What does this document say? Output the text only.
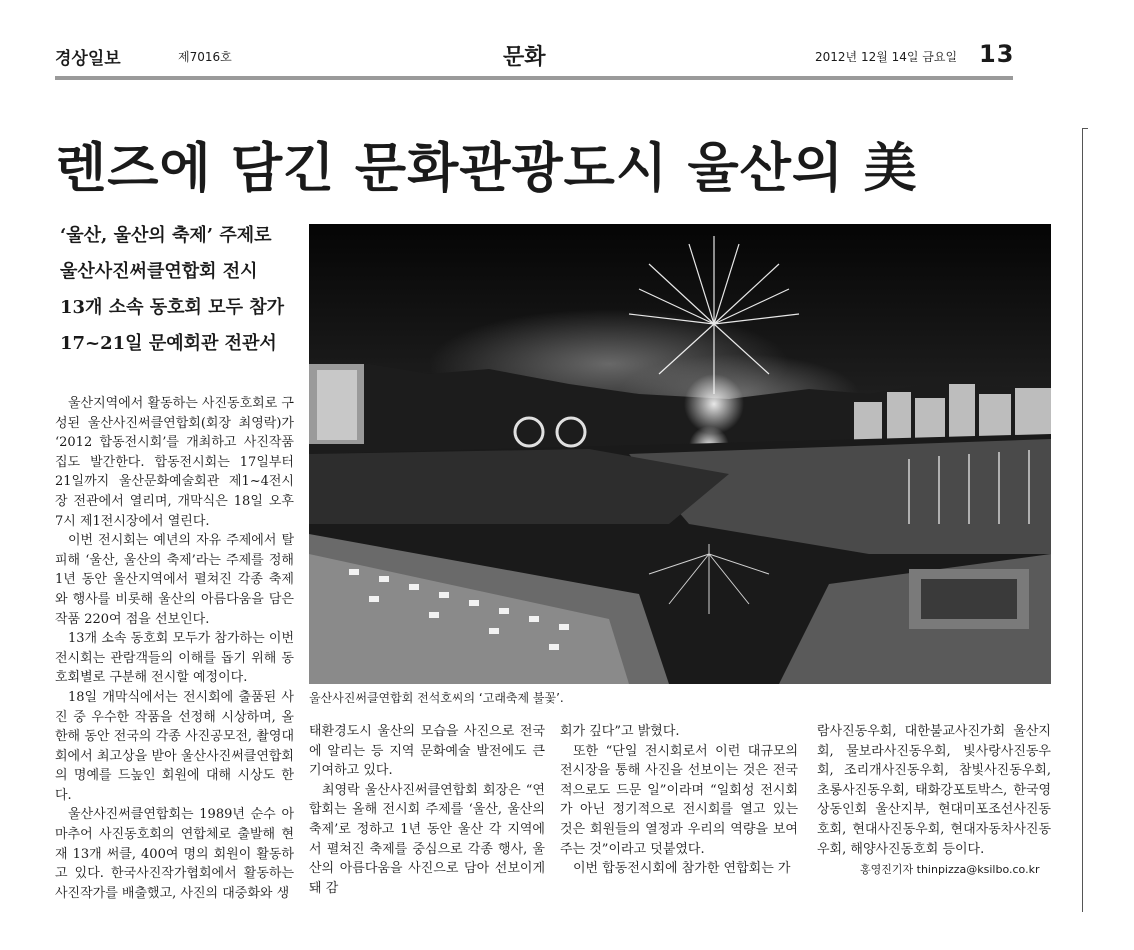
경상일보	제7016호	문화	2012년 12월 14일 금요일 13
렌즈에 담긴 문화관광도시 울산의 美
‘울산, 울산의 축제’ 주제로
울산사진써클연합회 전시
13개 소속 동호회 모두 참가
17~21일 문예회관 전관서
울산사진써클연합회 전석호씨의 ‘고래축제 불꽃’.

울산지역에서 활동하는 사진동호회로 구성된 울산사진써클연합회(회장 최영락)가 ‘2012 합동전시회’를 개최하고 사진작품집도 발간한다. 합동전시회는 17일부터 21일까지 울산문화예술회관 제1~4전시장 전관에서 열리며, 개막식은 18일 오후 7시 제1전시장에서 열린다.

이번 전시회는 예년의 자유 주제에서 탈피해 ‘울산, 울산의 축제’라는 주제를 정해 1년 동안 울산지역에서 펼쳐진 각종 축제와 행사를 비롯해 울산의 아름다움을 담은 작품 220여 점을 선보인다.

13개 소속 동호회 모두가 참가하는 이번 전시회는 관람객들의 이해를 돕기 위해 동호회별로 구분해 전시할 예정이다.

18일 개막식에서는 전시회에 출품된 사진 중 우수한 작품을 선정해 시상하며, 올 한해 동안 전국의 각종 사진공모전, 촬영대회에서 최고상을 받아 울산사진써클연합회의 명예를 드높인 회원에 대해 시상도 한다.

울산사진써클연합회는 1989년 순수 아마추어 사진동호회의 연합체로 출발해 현재 13개 써클, 400여 명의 회원이 활동하고 있다. 한국사진작가협회에서 활동하는 사진작가를 배출했고, 사진의 대중화와 생

태환경도시 울산의 모습을 사진으로 전국에 알리는 등 지역 문화예술 발전에도 큰 기여하고 있다.

최영락 울산사진써클연합회 회장은 “연합회는 올해 전시회 주제를 ‘울산, 울산의 축제’로 정하고 1년 동안 울산 각 지역에서 펼쳐진 축제를 중심으로 각종 행사, 울산의 아름다움을 사진으로 담아 선보이게 돼 감

회가 깊다”고 밝혔다.

또한 “단일 전시회로서 이런 대규모의 전시장을 통해 사진을 선보이는 것은 전국적으로도 드문 일”이라며 “일회성 전시회가 아닌 정기적으로 전시회를 열고 있는 것은 회원들의 열정과 우리의 역량을 보여주는 것”이라고 덧붙였다.

이번 합동전시회에 참가한 연합회는 가

람사진동우회, 대한불교사진가회 울산지회, 물보라사진동우회, 빛사랑사진동우회, 조리개사진동우회, 참빛사진동우회, 초롱사진동우회, 태화강포토박스, 한국영상동인회 울산지부, 현대미포조선사진동호회, 현대사진동우회, 현대자동차사진동우회, 해양사진동호회 등이다.

홍영진기자 thinpizza@ksilbo.co.kr
